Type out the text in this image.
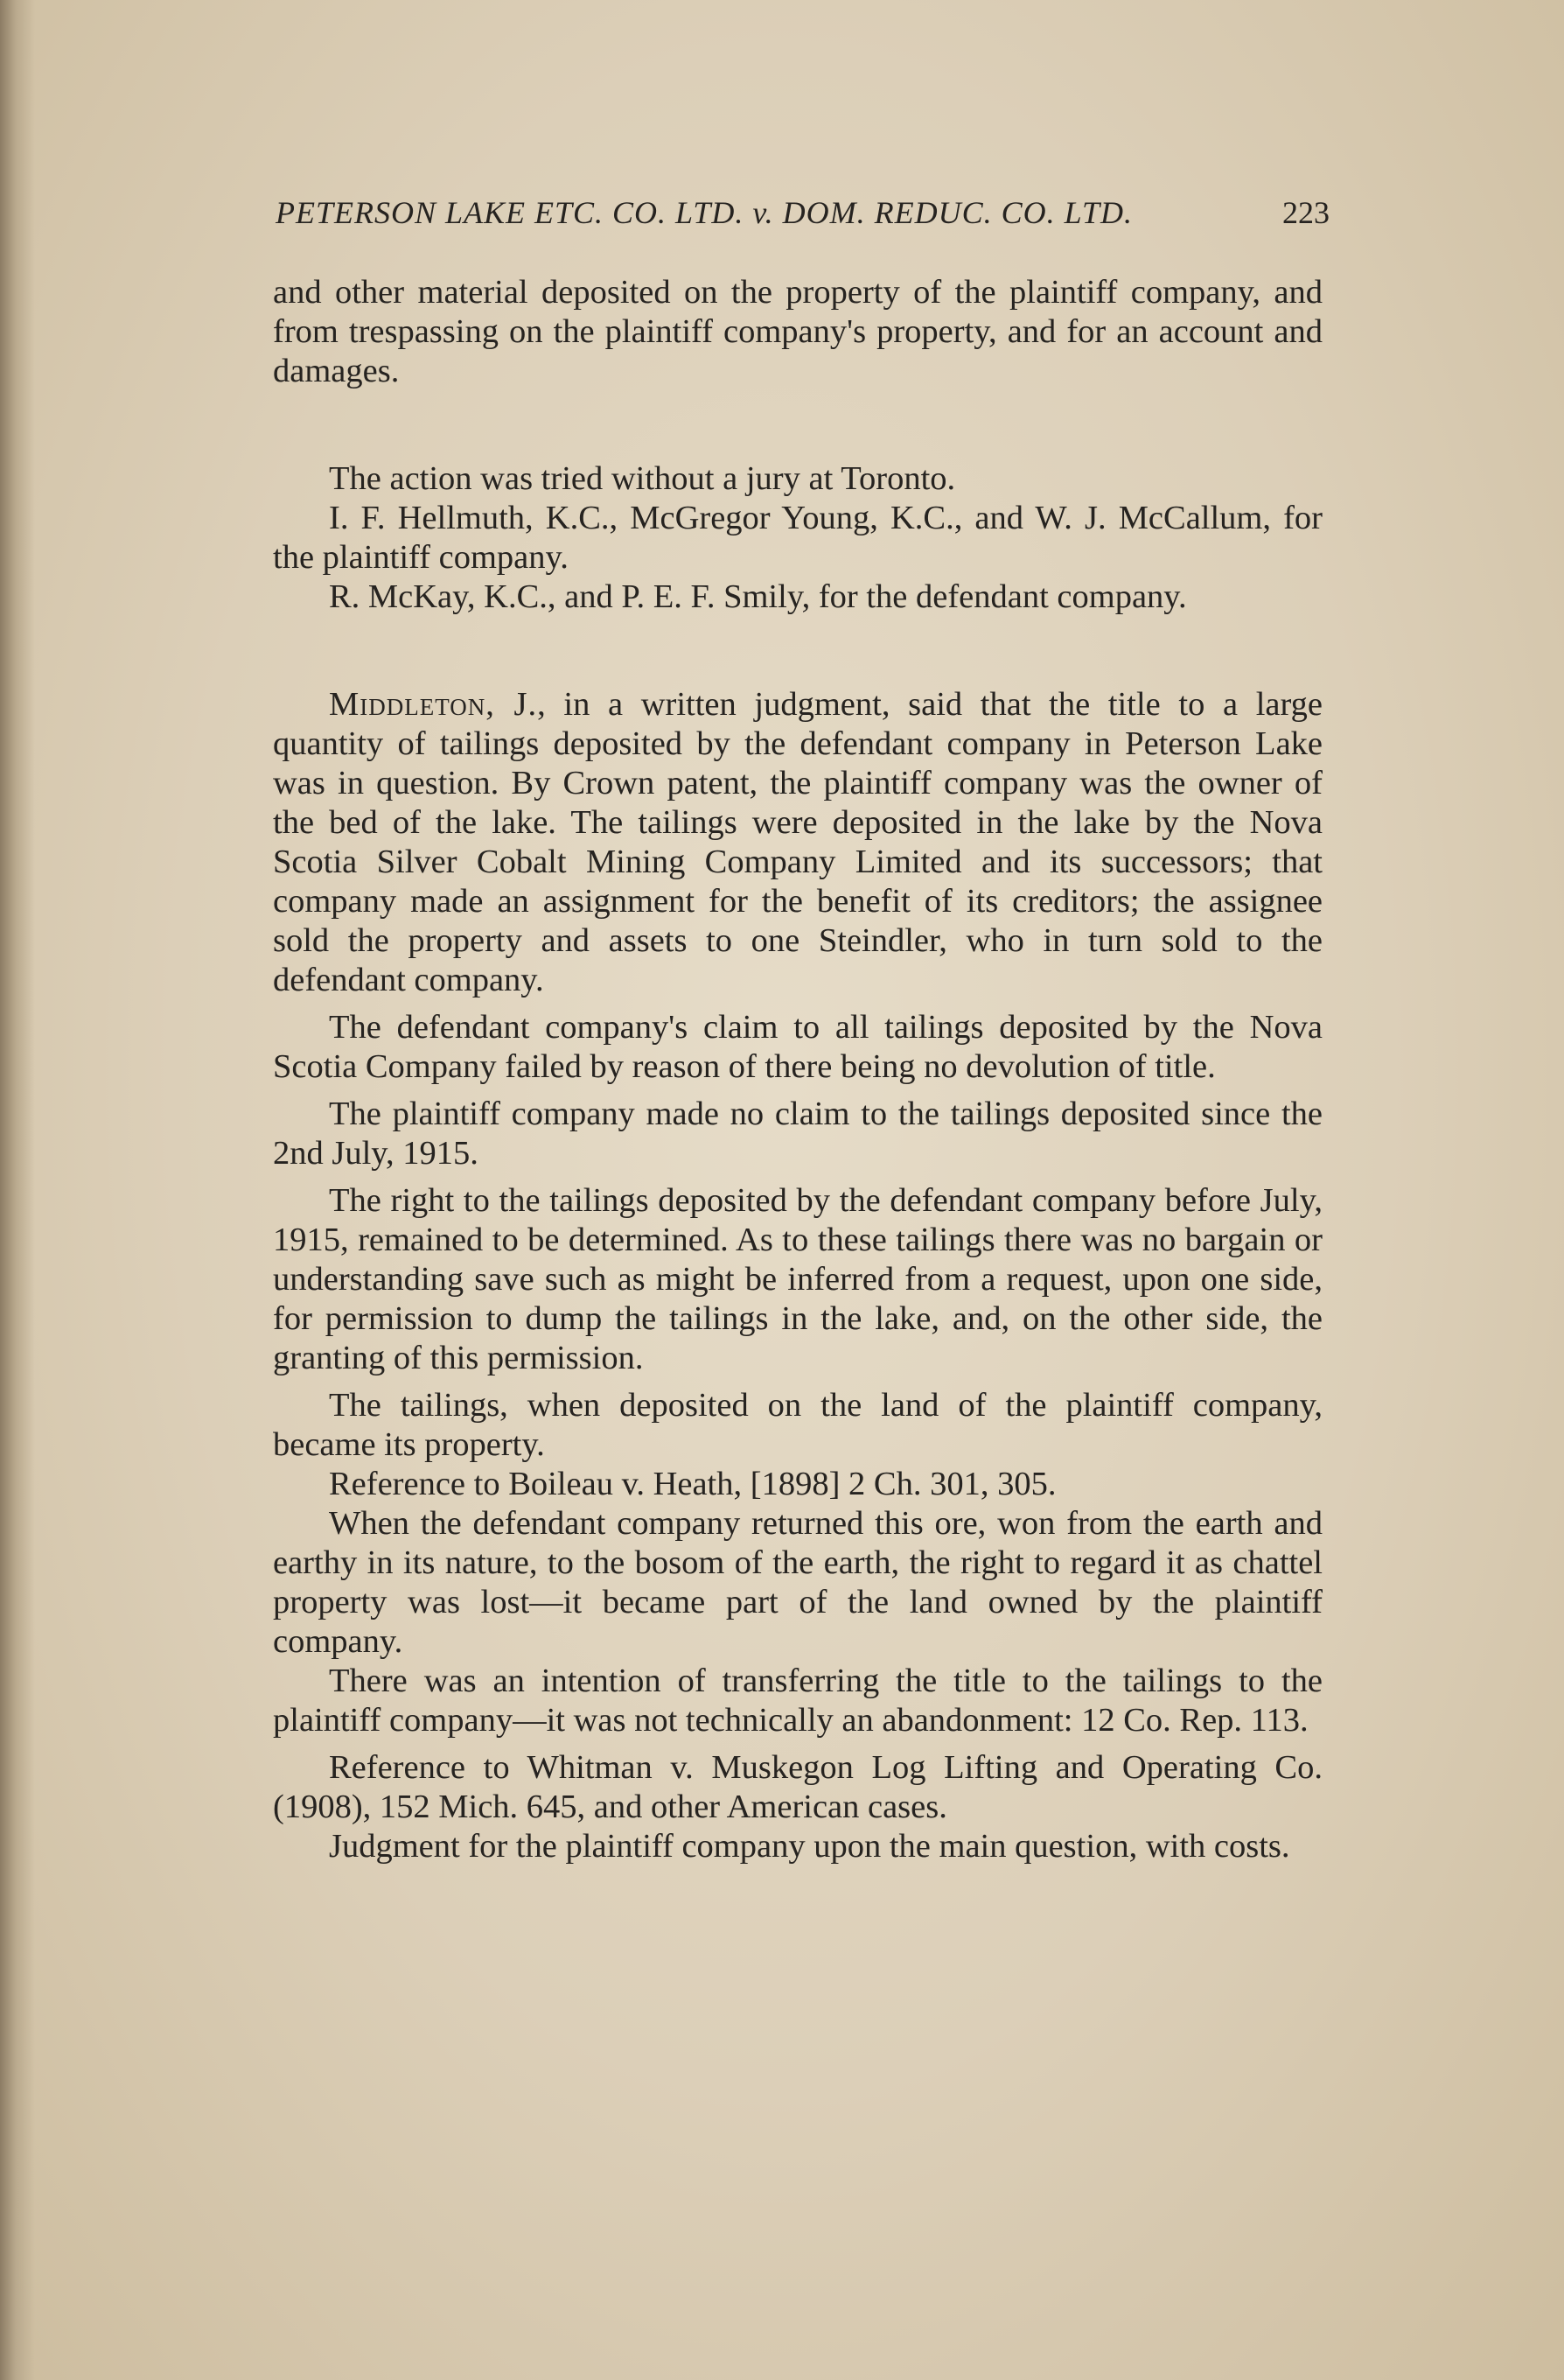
PETERSON LAKE ETC. CO. LTD. v. DOM. REDUC. CO. LTD.	223

and other material deposited on the property of the plaintiff company, and from trespassing on the plaintiff company's property, and for an account and damages.

The action was tried without a jury at Toronto.

I. F. Hellmuth, K.C., McGregor Young, K.C., and W. J. McCallum, for the plaintiff company.

R. McKay, K.C., and P. E. F. Smily, for the defendant company.

Middleton, J., in a written judgment, said that the title to a large quantity of tailings deposited by the defendant company in Peterson Lake was in question. By Crown patent, the plaintiff company was the owner of the bed of the lake. The tailings were deposited in the lake by the Nova Scotia Silver Cobalt Mining Company Limited and its successors; that company made an assignment for the benefit of its creditors; the assignee sold the property and assets to one Steindler, who in turn sold to the defendant company.

The defendant company's claim to all tailings deposited by the Nova Scotia Company failed by reason of there being no devolution of title.

The plaintiff company made no claim to the tailings deposited since the 2nd July, 1915.

The right to the tailings deposited by the defendant company before July, 1915, remained to be determined. As to these tailings there was no bargain or understanding save such as might be inferred from a request, upon one side, for permission to dump the tailings in the lake, and, on the other side, the granting of this permission.

The tailings, when deposited on the land of the plaintiff company, became its property.

Reference to Boileau v. Heath, [1898] 2 Ch. 301, 305.

When the defendant company returned this ore, won from the earth and earthy in its nature, to the bosom of the earth, the right to regard it as chattel property was lost—it became part of the land owned by the plaintiff company.

There was an intention of transferring the title to the tailings to the plaintiff company—it was not technically an abandonment: 12 Co. Rep. 113.

Reference to Whitman v. Muskegon Log Lifting and Operating Co. (1908), 152 Mich. 645, and other American cases.

Judgment for the plaintiff company upon the main question, with costs.
